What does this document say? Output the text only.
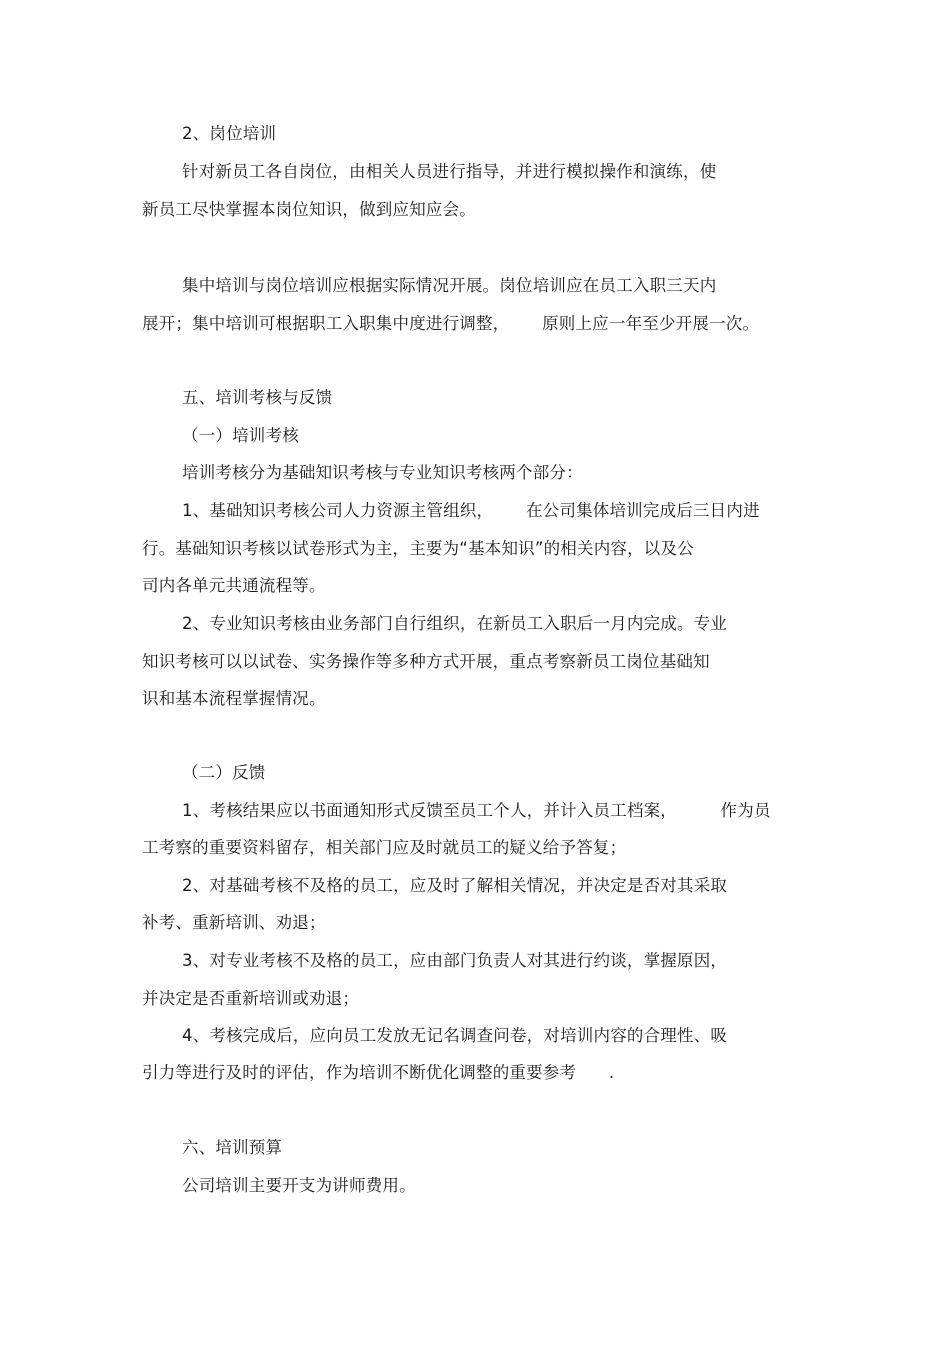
2、岗位培训

针对新员工各自岗位，由相关人员进行指导，并进行模拟操作和演练，使

新员工尽快掌握本岗位知识，做到应知应会。

集中培训与岗位培训应根据实际情况开展。岗位培训应在员工入职三天内

展开；集中培训可根据职工入职集中度进行调整，      原则上应一年至少开展一次。

五、培训考核与反馈

（一）培训考核

培训考核分为基础知识考核与专业知识考核两个部分：

1、基础知识考核公司人力资源主管组织，      在公司集体培训完成后三日内进

行。基础知识考核以试卷形式为主，主要为“基本知识”的相关内容，以及公

司内各单元共通流程等。

2、专业知识考核由业务部门自行组织，在新员工入职后一月内完成。专业

知识考核可以以试卷、实务操作等多种方式开展，重点考察新员工岗位基础知

识和基本流程掌握情况。

（二）反馈

1、考核结果应以书面通知形式反馈至员工个人，并计入员工档案，        作为员

工考察的重要资料留存，相关部门应及时就员工的疑义给予答复；

2、对基础考核不及格的员工，应及时了解相关情况，并决定是否对其采取

补考、重新培训、劝退；

3、对专业考核不及格的员工，应由部门负责人对其进行约谈，掌握原因，

并决定是否重新培训或劝退；

4、考核完成后，应向员工发放无记名调查问卷，对培训内容的合理性、吸

引力等进行及时的评估，作为培训不断优化调整的重要参考      .

六、培训预算

公司培训主要开支为讲师费用。
